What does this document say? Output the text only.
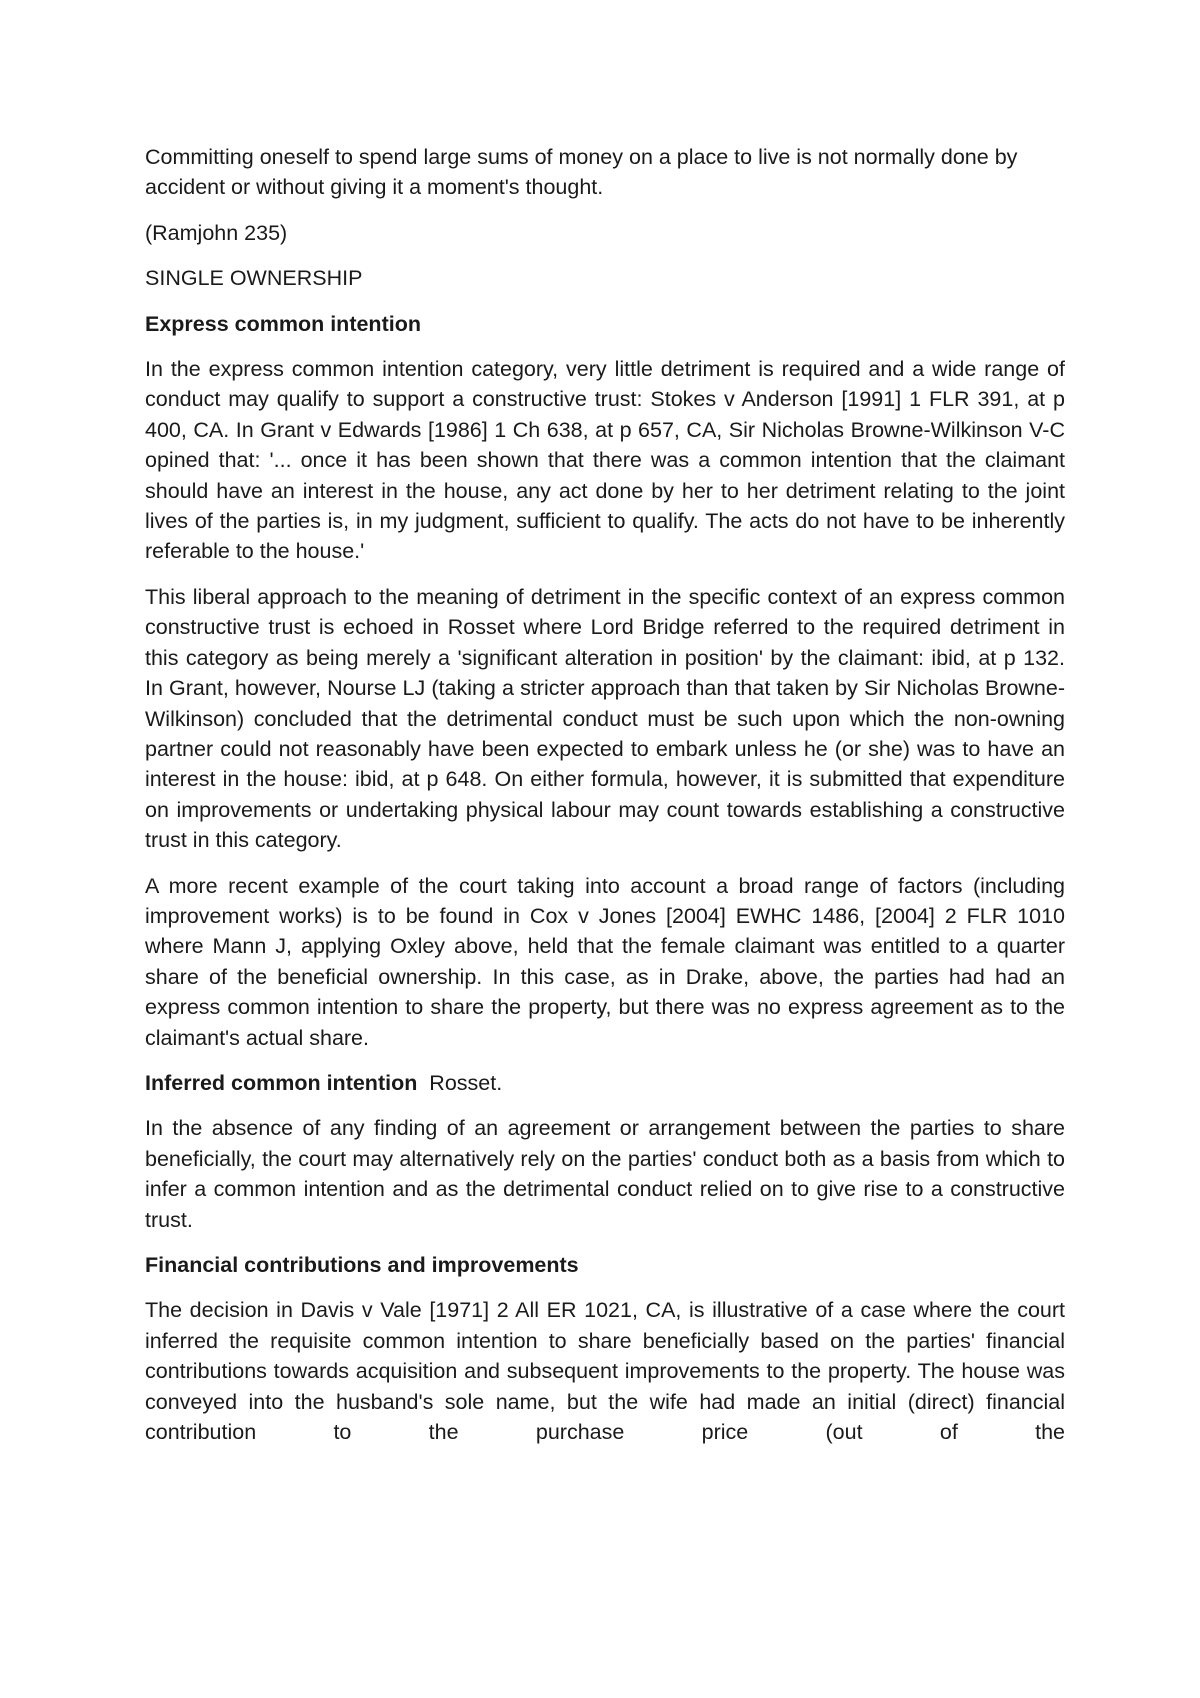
Committing oneself to spend large sums of money on a place to live is not normally done by accident or without giving it a moment's thought.

(Ramjohn 235)

SINGLE OWNERSHIP

Express common intention

In the express common intention category, very little detriment is required and a wide range of conduct may qualify to support a constructive trust: Stokes v Anderson [1991] 1 FLR 391, at p 400, CA. In Grant v Edwards [1986] 1 Ch 638, at p 657, CA, Sir Nicholas Browne-Wilkinson V-C opined that: '... once it has been shown that there was a common intention that the claimant should have an interest in the house, any act done by her to her detriment relating to the joint lives of the parties is, in my judgment, sufficient to qualify. The acts do not have to be inherently referable to the house.'

This liberal approach to the meaning of detriment in the specific context of an express common constructive trust is echoed in Rosset where Lord Bridge referred to the required detriment in this category as being merely a 'significant alteration in position' by the claimant: ibid, at p 132. In Grant, however, Nourse LJ (taking a stricter approach than that taken by Sir Nicholas Browne-Wilkinson) concluded that the detrimental conduct must be such upon which the non-owning partner could not reasonably have been expected to embark unless he (or she) was to have an interest in the house: ibid, at p 648. On either formula, however, it is submitted that expenditure on improvements or undertaking physical labour may count towards establishing a constructive trust in this category.

A more recent example of the court taking into account a broad range of factors (including improvement works) is to be found in Cox v Jones [2004] EWHC 1486, [2004] 2 FLR 1010 where Mann J, applying Oxley above, held that the female claimant was entitled to a quarter share of the beneficial ownership. In this case, as in Drake, above, the parties had had an express common intention to share the property, but there was no express agreement as to the claimant's actual share.

Inferred common intention Rosset.

In the absence of any finding of an agreement or arrangement between the parties to share beneficially, the court may alternatively rely on the parties' conduct both as a basis from which to infer a common intention and as the detrimental conduct relied on to give rise to a constructive trust.

Financial contributions and improvements

The decision in Davis v Vale [1971] 2 All ER 1021, CA, is illustrative of a case where the court inferred the requisite common intention to share beneficially based on the parties' financial contributions towards acquisition and subsequent improvements to the property. The house was conveyed into the husband's sole name, but the wife had made an initial (direct) financial contribution to the purchase price (out of the
